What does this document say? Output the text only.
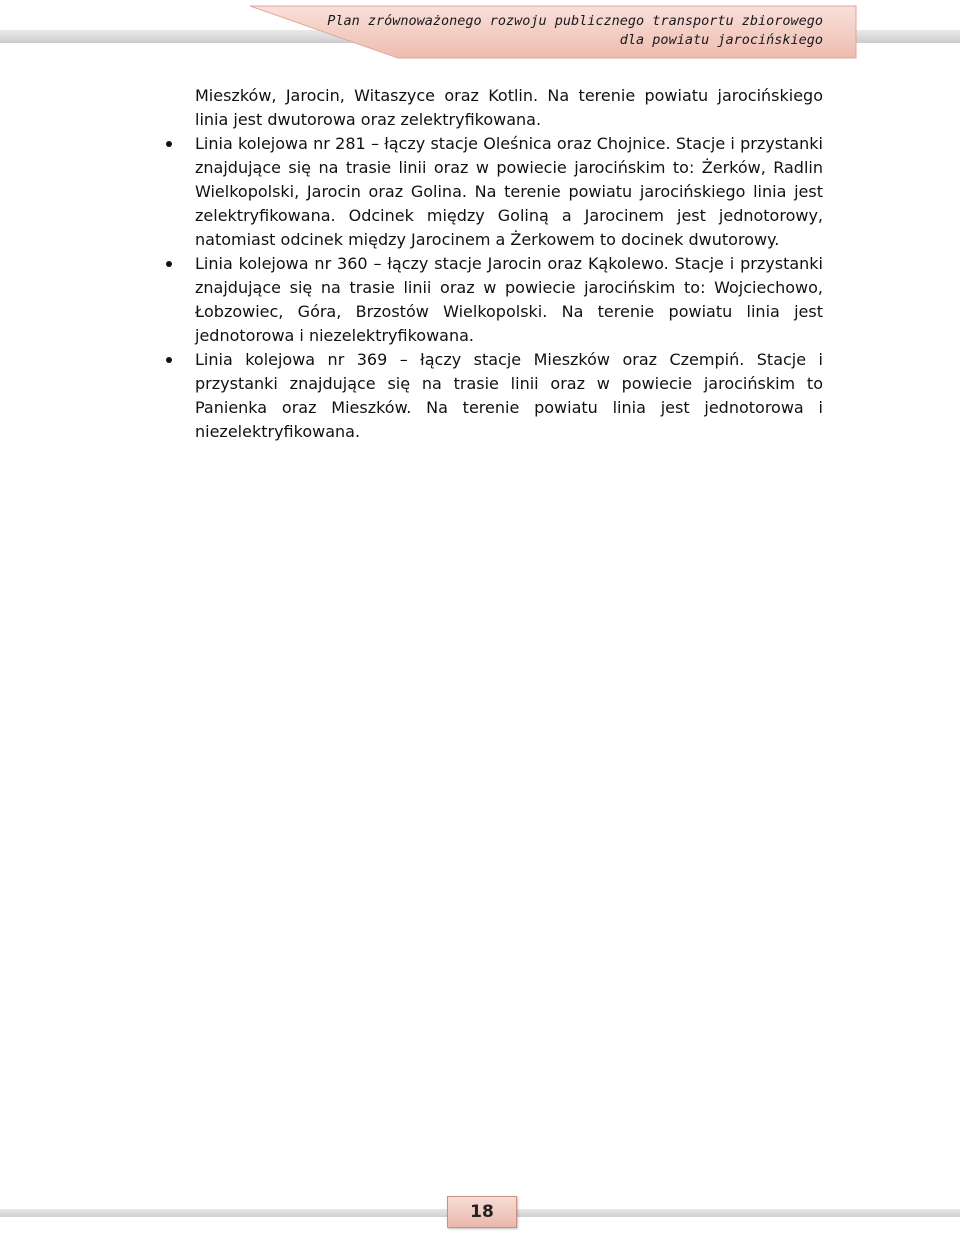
Plan zrównoważonego rozwoju publicznego transportu zbiorowego
dla powiatu jarocińskiego

Mieszków, Jarocin, Witaszyce oraz Kotlin. Na terenie powiatu jarocińskiego linia jest dwutorowa oraz zelektryfikowana.

Linia kolejowa nr 281 – łączy stacje Oleśnica oraz Chojnice. Stacje i przystanki znajdujące się na trasie linii oraz w powiecie jarocińskim to: Żerków, Radlin Wielkopolski, Jarocin oraz Golina. Na terenie powiatu jarocińskiego linia jest zelektryfikowana. Odcinek między Goliną a Jarocinem jest jednotorowy, natomiast odcinek między Jarocinem a Żerkowem to docinek dwutorowy.
Linia kolejowa nr 360 – łączy stacje Jarocin oraz Kąkolewo. Stacje i przystanki znajdujące się na trasie linii oraz w powiecie jarocińskim to: Wojciechowo, Łobzowiec, Góra, Brzostów Wielkopolski. Na terenie powiatu linia jest jednotorowa i niezelektryfikowana.
Linia kolejowa nr 369 – łączy stacje Mieszków oraz Czempiń. Stacje i przystanki znajdujące się na trasie linii oraz w powiecie jarocińskim to Panienka oraz Mieszków. Na terenie powiatu linia jest jednotorowa i niezelektryfikowana.
18
